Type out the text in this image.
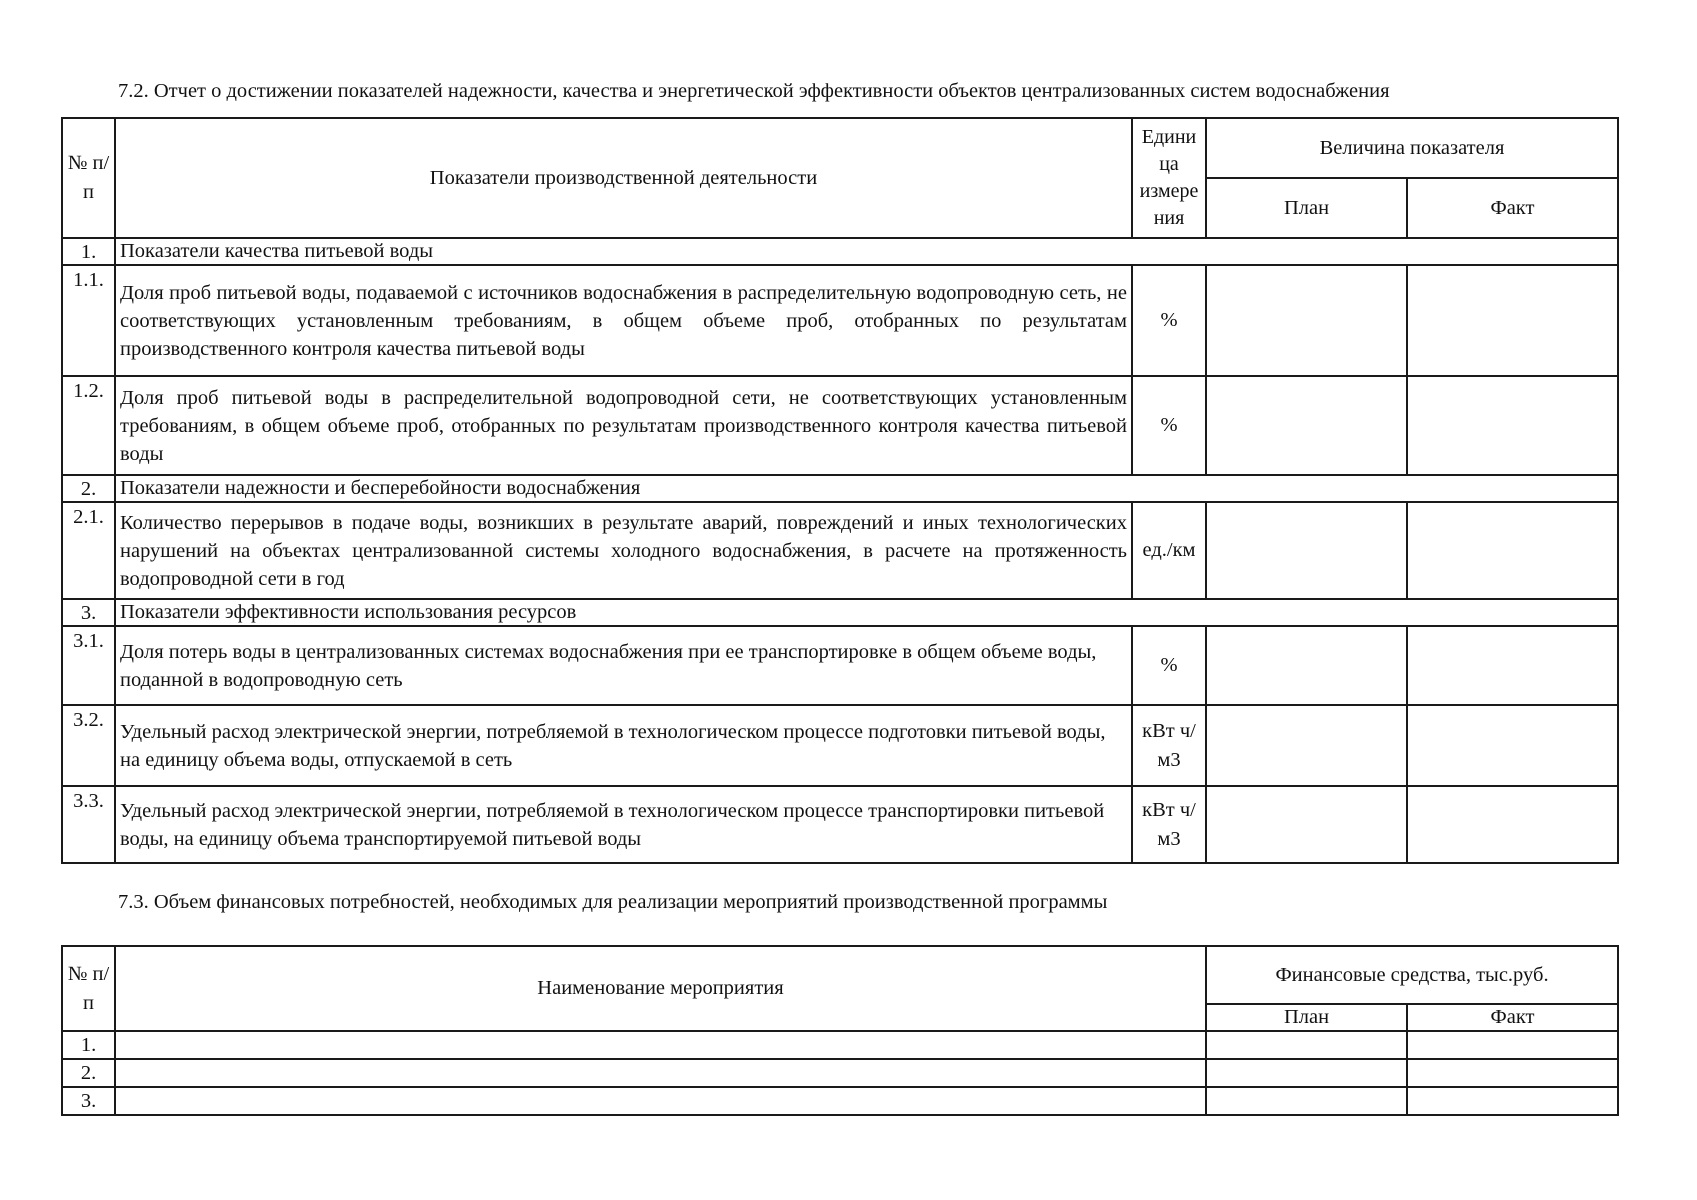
7.2. Отчет о достижении показателей надежности, качества и энергетической эффективности объектов централизованных систем водоснабжения
№ п/п	Показатели производственной деятельности	Едини ца измере ния	Величина показателя	
			План	Факт
1.	Показатели качества питьевой воды			
1.1.	Доля проб питьевой воды, подаваемой с источников водоснабжения в распределительную водопроводную сеть, не соответствующих установленным требованиям, в общем объеме проб, отобранных по результатам производственного контроля качества питьевой воды	%		
1.2.	Доля проб питьевой воды в распределительной водопроводной сети, не соответствующих установленным требованиям, в общем объеме проб, отобранных по результатам производственного контроля качества питьевой воды	%		
2.	Показатели надежности и бесперебойности водоснабжения			
2.1.	Количество перерывов в подаче воды, возникших в результате аварий, повреждений и иных технологических нарушений на объектах централизованной системы холодного водоснабжения, в расчете на протяженность водопроводной сети в год	ед./км		
3.	Показатели эффективности использования ресурсов			
3.1.	Доля потерь воды в централизованных системах водоснабжения при ее транспортировке в общем объеме воды, поданной в водопроводную сеть	%		
3.2.	Удельный расход электрической энергии, потребляемой в технологическом процессе подготовки питьевой воды, на единицу объема воды, отпускаемой в сеть	кВт ч/м3		
3.3.	Удельный расход электрической энергии, потребляемой в технологическом процессе транспортировки питьевой воды, на единицу объема транспортируемой питьевой воды	кВт ч/м3		
7.3. Объем финансовых потребностей, необходимых для реализации мероприятий производственной программы
№ п/п	Наименование мероприятия	Финансовые средства, тыс.руб.	
		План	Факт
1.			
2.			
3.			
